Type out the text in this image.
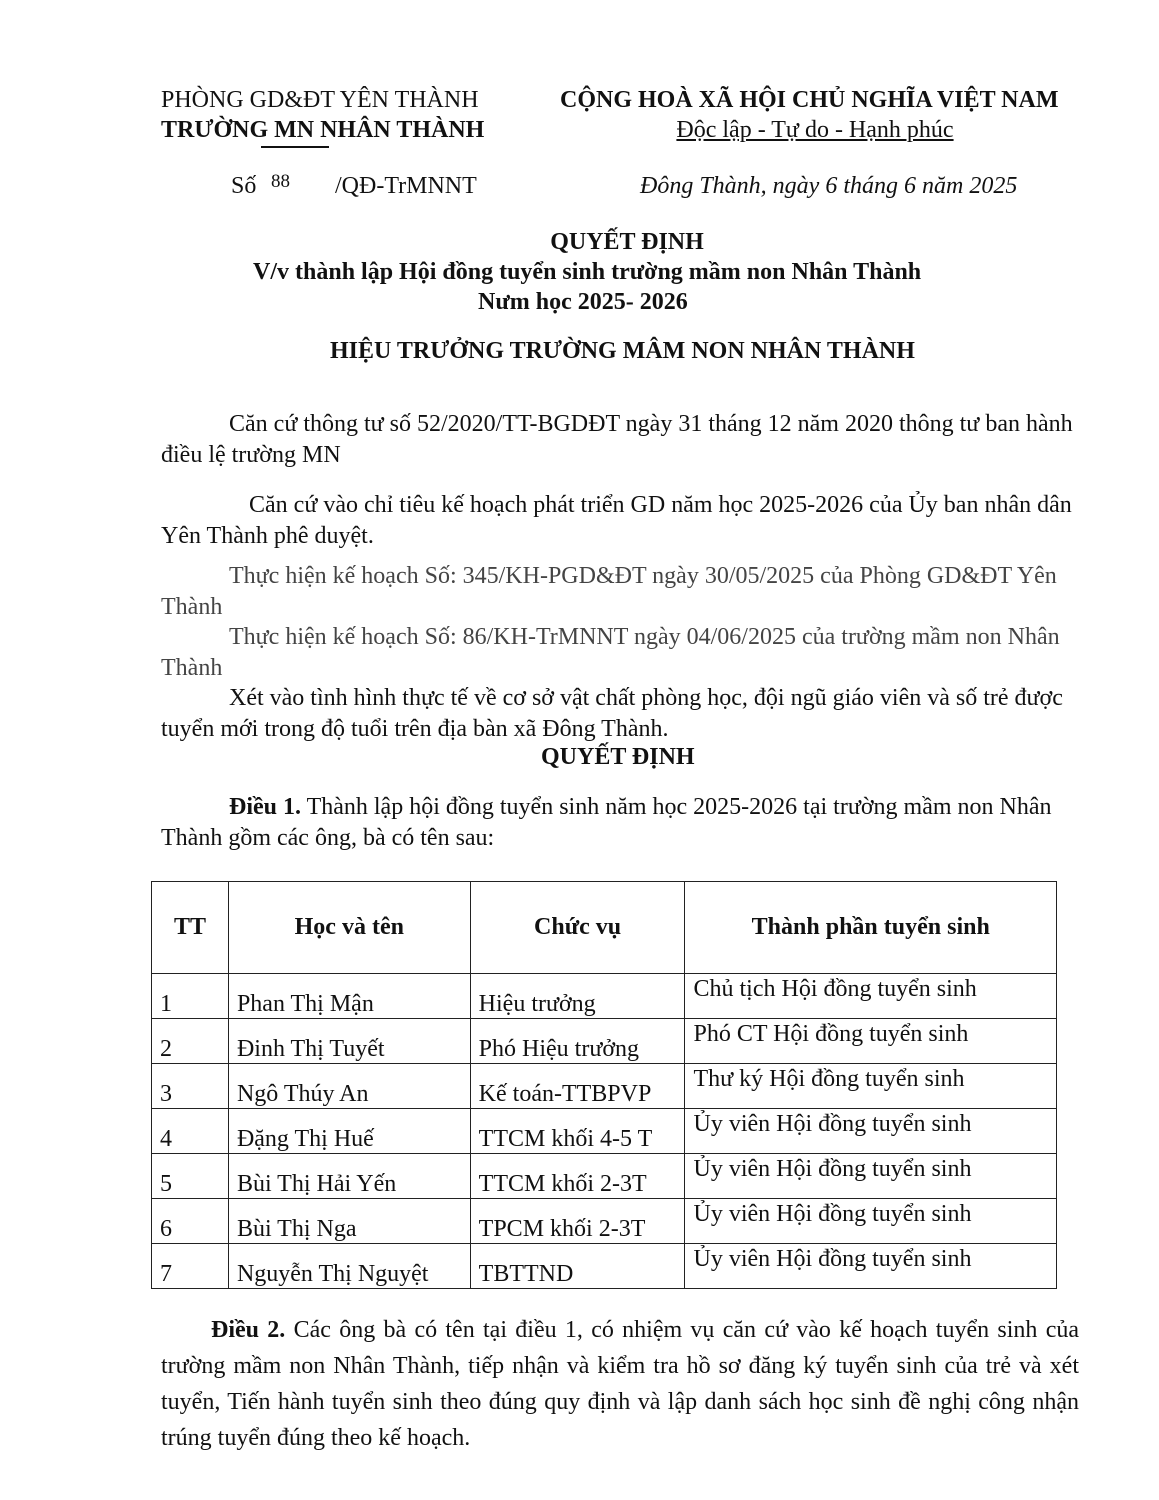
PHÒNG GD&ĐT YÊN THÀNH
TRƯỜNG MN NHÂN THÀNH
CỘNG HOÀ XÃ HỘI CHỦ NGHĨA VIỆT NAM
Độc lập - Tự do - Hạnh phúc
Số 88 /QĐ-TrMNNT	Đông Thành, ngày 6 tháng 6 năm 2025
QUYẾT ĐỊNH
V/v thành lập Hội đồng tuyển sinh trường mầm non Nhân Thành
Nưm học 2025- 2026
HIỆU TRƯỞNG TRƯỜNG MÂM NON NHÂN THÀNH
Căn cứ thông tư số 52/2020/TT-BGDĐT ngày 31 tháng 12 năm 2020 thông tư ban hành điều lệ trường MN
Căn cứ vào chỉ tiêu kế hoạch phát triển GD năm học 2025-2026 của Ủy ban nhân dân Yên Thành phê duyệt.
Thực hiện kế hoạch Số: 345/KH-PGD&ĐT ngày 30/05/2025 của Phòng GD&ĐT Yên Thành
Thực hiện kế hoạch Số: 86/KH-TrMNNT ngày 04/06/2025 của trường mầm non Nhân Thành
Xét vào tình hình thực tế về cơ sở vật chất phòng học, đội ngũ giáo viên và số trẻ được tuyển mới trong độ tuổi trên địa bàn xã Đông Thành.
QUYẾT ĐỊNH
Điều 1. Thành lập hội đồng tuyển sinh năm học 2025-2026 tại trường mầm non Nhân Thành gồm các ông, bà có tên sau:
TT	Học và tên	Chức vụ	Thành phần tuyển sinh
1	Phan Thị Mận	Hiệu trưởng	Chủ tịch Hội đồng tuyển sinh
2	Đinh Thị Tuyết	Phó Hiệu trưởng	Phó CT Hội đồng tuyển sinh
3	Ngô Thúy An	Kế toán-TTBPVP	Thư ký Hội đồng tuyển sinh
4	Đặng Thị Huế	TTCM khối 4-5 T	Ủy viên Hội đồng tuyển sinh
5	Bùi Thị Hải Yến	TTCM khối 2-3T	Ủy viên Hội đồng tuyển sinh
6	Bùi Thị Nga	TPCM khối 2-3T	Ủy viên Hội đồng tuyển sinh
7	Nguyễn Thị Nguyệt	TBTTND	Ủy viên Hội đồng tuyển sinh
Điều 2. Các ông bà có tên tại điều 1, có nhiệm vụ căn cứ vào kế hoạch tuyển sinh của trường mầm non Nhân Thành, tiếp nhận và kiểm tra hồ sơ đăng ký tuyển sinh của trẻ và xét tuyển, Tiến hành tuyển sinh theo đúng quy định và lập danh sách học sinh đề nghị công nhận trúng tuyển đúng theo kế hoạch.
